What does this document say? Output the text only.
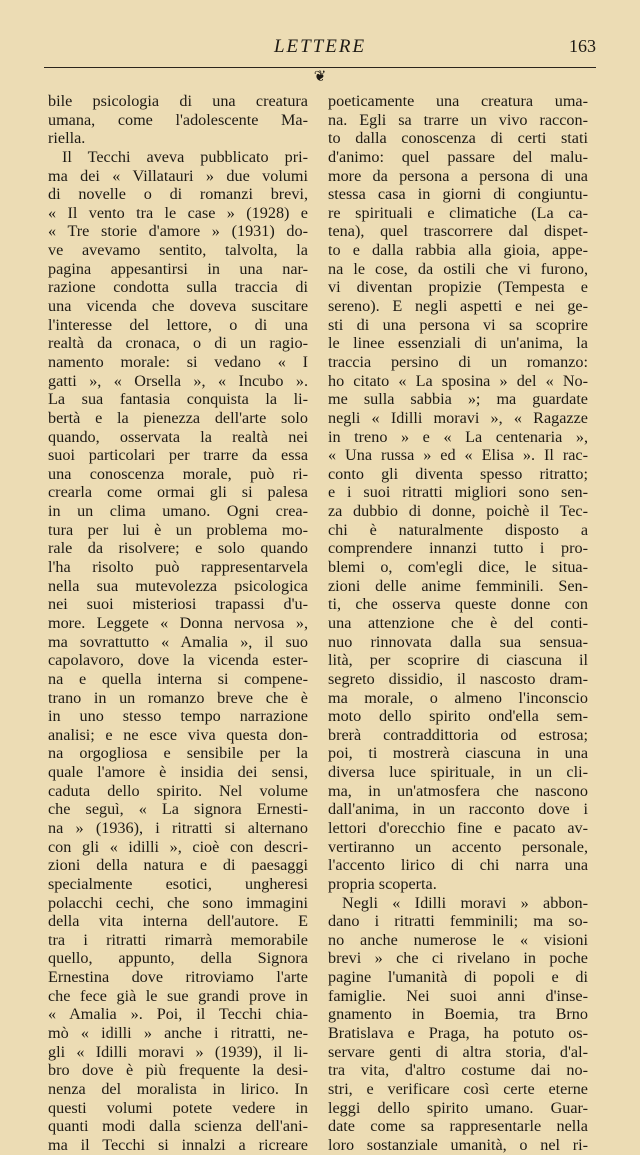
LETTERE	163
❦
bile psicologia di una creatura
umana, come l'adolescente Ma-
riella.
Il Tecchi aveva pubblicato pri-
ma dei « Villatauri » due volumi
di novelle o di romanzi brevi,
« Il vento tra le case » (1928) e
« Tre storie d'amore » (1931) do-
ve avevamo sentito, talvolta, la
pagina appesantirsi in una nar-
razione condotta sulla traccia di
una vicenda che doveva suscitare
l'interesse del lettore, o di una
realtà da cronaca, o di un ragio-
namento morale: si vedano « I
gatti », « Orsella », « Incubo ».
La sua fantasia conquista la li-
bertà e la pienezza dell'arte solo
quando, osservata la realtà nei
suoi particolari per trarre da essa
una conoscenza morale, può ri-
crearla come ormai gli si palesa
in un clima umano. Ogni crea-
tura per lui è un problema mo-
rale da risolvere; e solo quando
l'ha risolto può rappresentarvela
nella sua mutevolezza psicologica
nei suoi misteriosi trapassi d'u-
more. Leggete « Donna nervosa »,
ma sovrattutto « Amalia », il suo
capolavoro, dove la vicenda ester-
na e quella interna si compene-
trano in un romanzo breve che è
in uno stesso tempo narrazione
analisi; e ne esce viva questa don-
na orgogliosa e sensibile per la
quale l'amore è insidia dei sensi,
caduta dello spirito. Nel volume
che seguì, « La signora Ernesti-
na » (1936), i ritratti si alternano
con gli « idilli », cioè con descri-
zioni della natura e di paesaggi
specialmente esotici, ungheresi
polacchi cechi, che sono immagini
della vita interna dell'autore. E
tra i ritratti rimarrà memorabile
quello, appunto, della Signora
Ernestina dove ritroviamo l'arte
che fece già le sue grandi prove in
« Amalia ». Poi, il Tecchi chia-
mò « idilli » anche i ritratti, ne-
gli « Idilli moravi » (1939), il li-
bro dove è più frequente la desi-
nenza del moralista in lirico. In
questi volumi potete vedere in
quanti modi dalla scienza dell'ani-
ma il Tecchi si innalzi a ricreare
poeticamente una creatura uma-
na. Egli sa trarre un vivo raccon-
to dalla conoscenza di certi stati
d'animo: quel passare del malu-
more da persona a persona di una
stessa casa in giorni di congiuntu-
re spirituali e climatiche (La ca-
tena), quel trascorrere dal dispet-
to e dalla rabbia alla gioia, appe-
na le cose, da ostili che vi furono,
vi diventan propizie (Tempesta e
sereno). E negli aspetti e nei ge-
sti di una persona vi sa scoprire
le linee essenziali di un'anima, la
traccia persino di un romanzo:
ho citato « La sposina » del « No-
me sulla sabbia »; ma guardate
negli « Idilli moravi », « Ragazze
in treno » e « La centenaria »,
« Una russa » ed « Elisa ». Il rac-
conto gli diventa spesso ritratto;
e i suoi ritratti migliori sono sen-
za dubbio di donne, poichè il Tec-
chi è naturalmente disposto a
comprendere innanzi tutto i pro-
blemi o, com'egli dice, le situa-
zioni delle anime femminili. Sen-
ti, che osserva queste donne con
una attenzione che è del conti-
nuo rinnovata dalla sua sensua-
lità, per scoprire di ciascuna il
segreto dissidio, il nascosto dram-
ma morale, o almeno l'inconscio
moto dello spirito ond'ella sem-
brerà contraddittoria od estrosa;
poi, ti mostrerà ciascuna in una
diversa luce spirituale, in un cli-
ma, in un'atmosfera che nascono
dall'anima, in un racconto dove i
lettori d'orecchio fine e pacato av-
vertiranno un accento personale,
l'accento lirico di chi narra una
propria scoperta.
Negli « Idilli moravi » abbon-
dano i ritratti femminili; ma so-
no anche numerose le « visioni
brevi » che ci rivelano in poche
pagine l'umanità di popoli e di
famiglie. Nei suoi anni d'inse-
gnamento in Boemia, tra Brno
Bratislava e Praga, ha potuto os-
servare genti di altra storia, d'al-
tra vita, d'altro costume dai no-
stri, e verificare così certe eterne
leggi dello spirito umano. Guar-
date come sa rappresentarle nella
loro sostanziale umanità, o nel ri-
